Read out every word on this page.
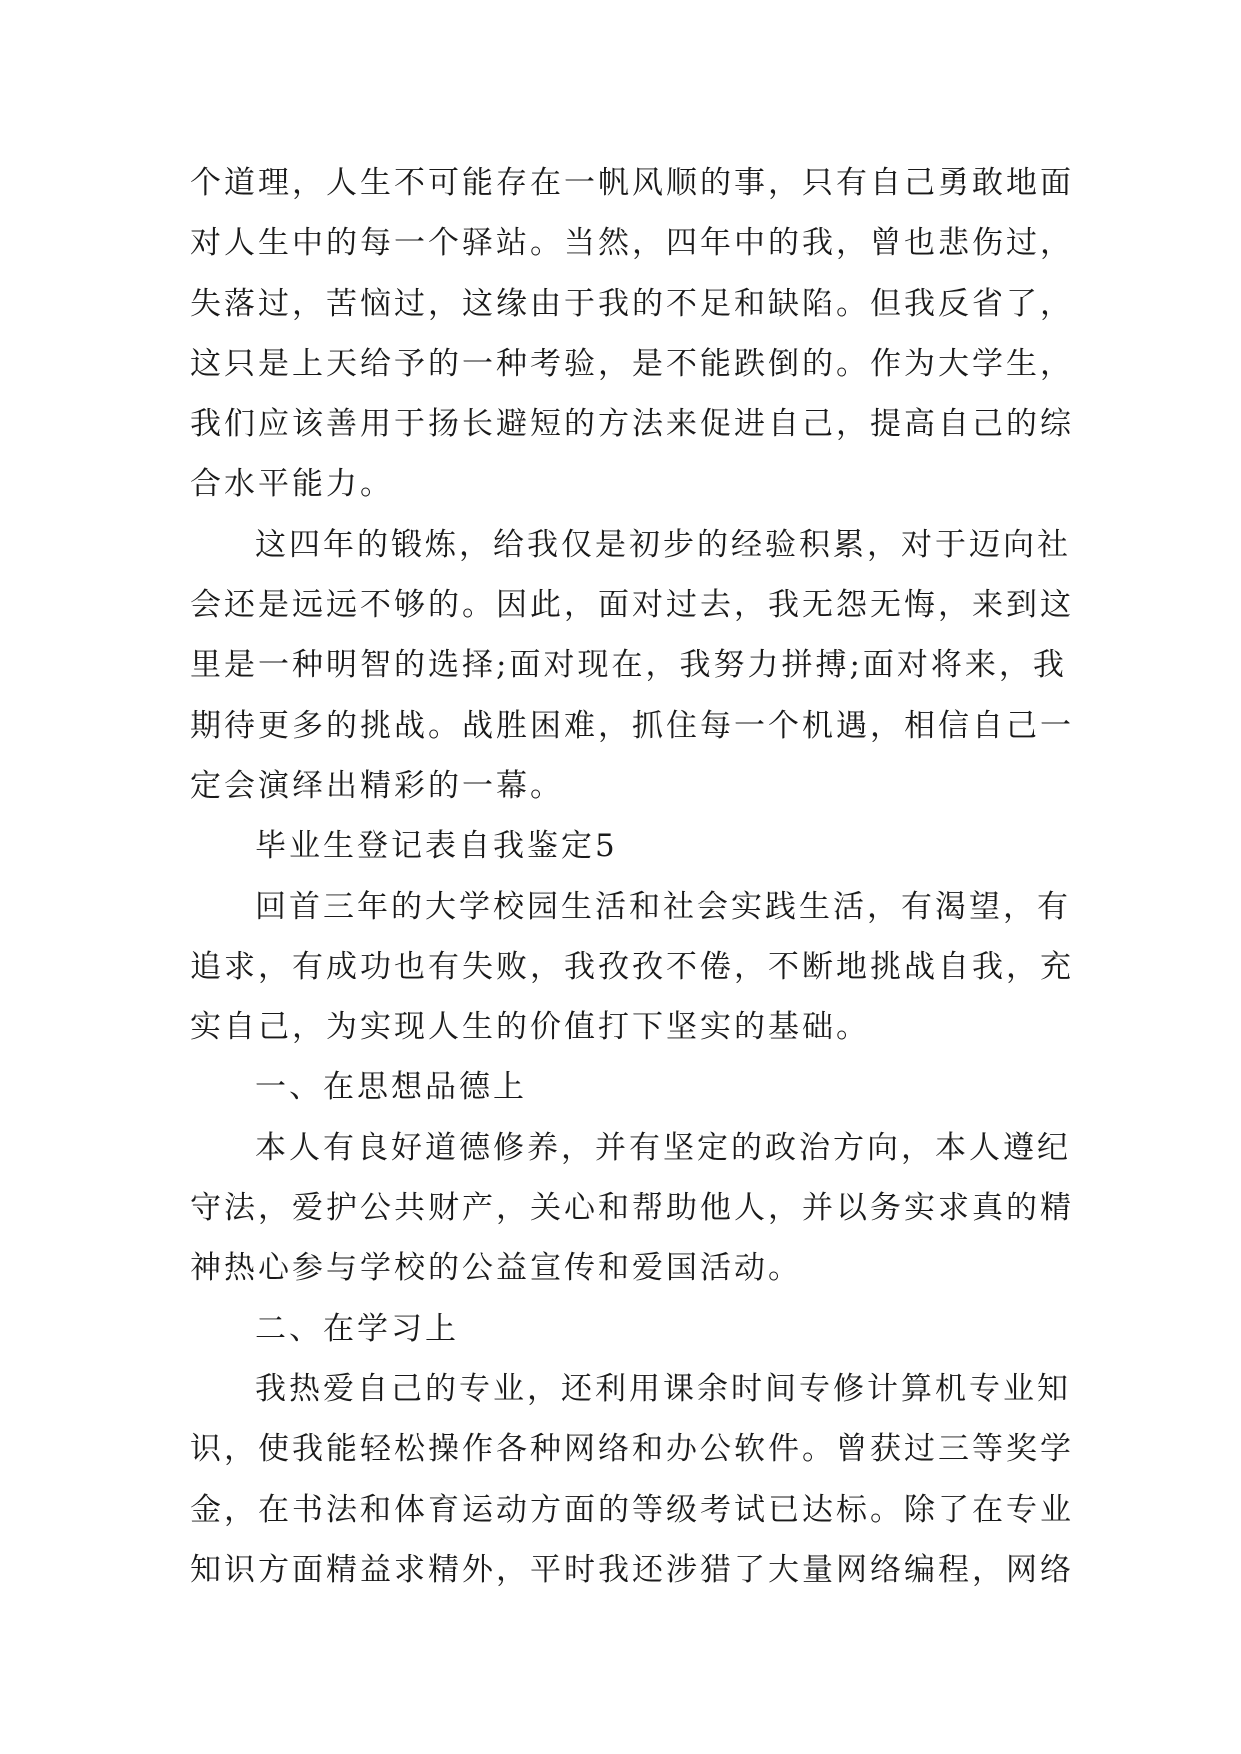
个道理，人生不可能存在一帆风顺的事，只有自己勇敢地面
对人生中的每一个驿站。当然，四年中的我，曾也悲伤过，
失落过，苦恼过，这缘由于我的不足和缺陷。但我反省了，
这只是上天给予的一种考验，是不能跌倒的。作为大学生，
我们应该善用于扬长避短的方法来促进自己，提高自己的综
合水平能力。
这四年的锻炼，给我仅是初步的经验积累，对于迈向社
会还是远远不够的。因此，面对过去，我无怨无悔，来到这
里是一种明智的选择;面对现在，我努力拼搏;面对将来，我
期待更多的挑战。战胜困难，抓住每一个机遇，相信自己一
定会演绎出精彩的一幕。
毕业生登记表自我鉴定5
回首三年的大学校园生活和社会实践生活，有渴望，有
追求，有成功也有失败，我孜孜不倦，不断地挑战自我，充
实自己，为实现人生的价值打下坚实的基础。
一、在思想品德上
本人有良好道德修养，并有坚定的政治方向，本人遵纪
守法，爱护公共财产，关心和帮助他人，并以务实求真的精
神热心参与学校的公益宣传和爱国活动。
二、在学习上
我热爱自己的专业，还利用课余时间专修计算机专业知
识，使我能轻松操作各种网络和办公软件。曾获过三等奖学
金，在书法和体育运动方面的等级考试已达标。除了在专业
知识方面精益求精外，平时我还涉猎了大量网络编程，网络
